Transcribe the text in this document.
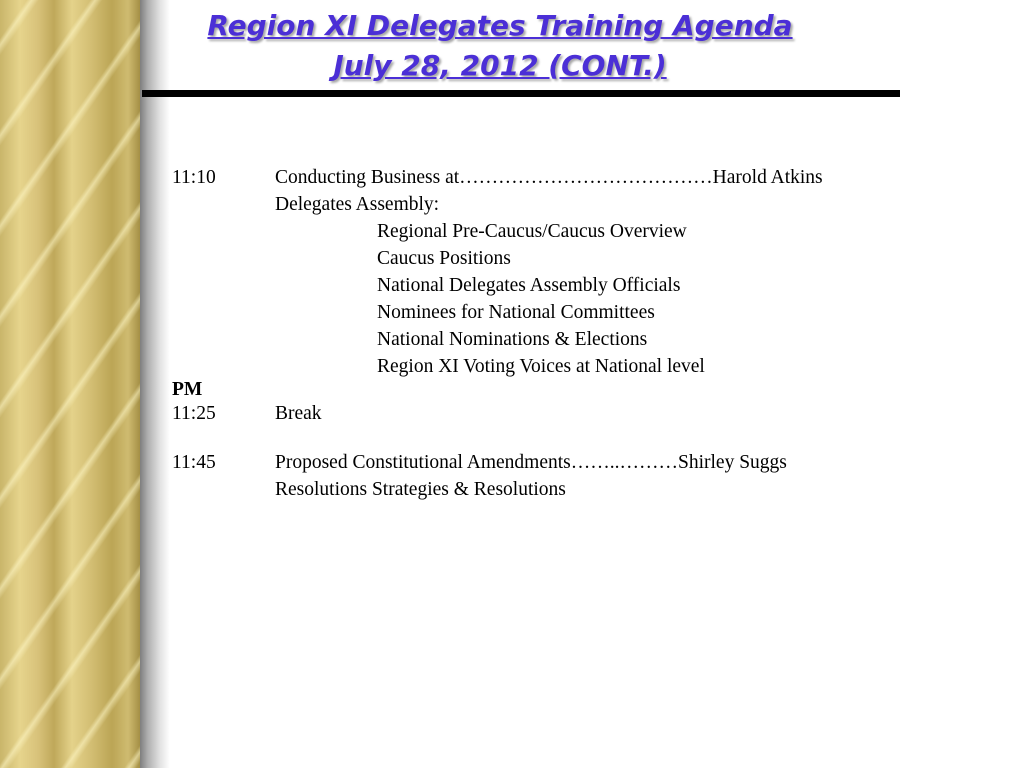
Region XI Delegates Training Agenda
July 28, 2012 (CONT.)
11:10	Conducting Business at…………………………………Harold Atkins
Delegates Assembly:
Regional Pre-Caucus/Caucus Overview
Caucus Positions
National Delegates Assembly Officials
Nominees for National Committees
National Nominations & Elections
Region XI Voting Voices at National level
PM
11:25	Break
11:45	Proposed Constitutional Amendments……..………Shirley Suggs
Resolutions Strategies & Resolutions
